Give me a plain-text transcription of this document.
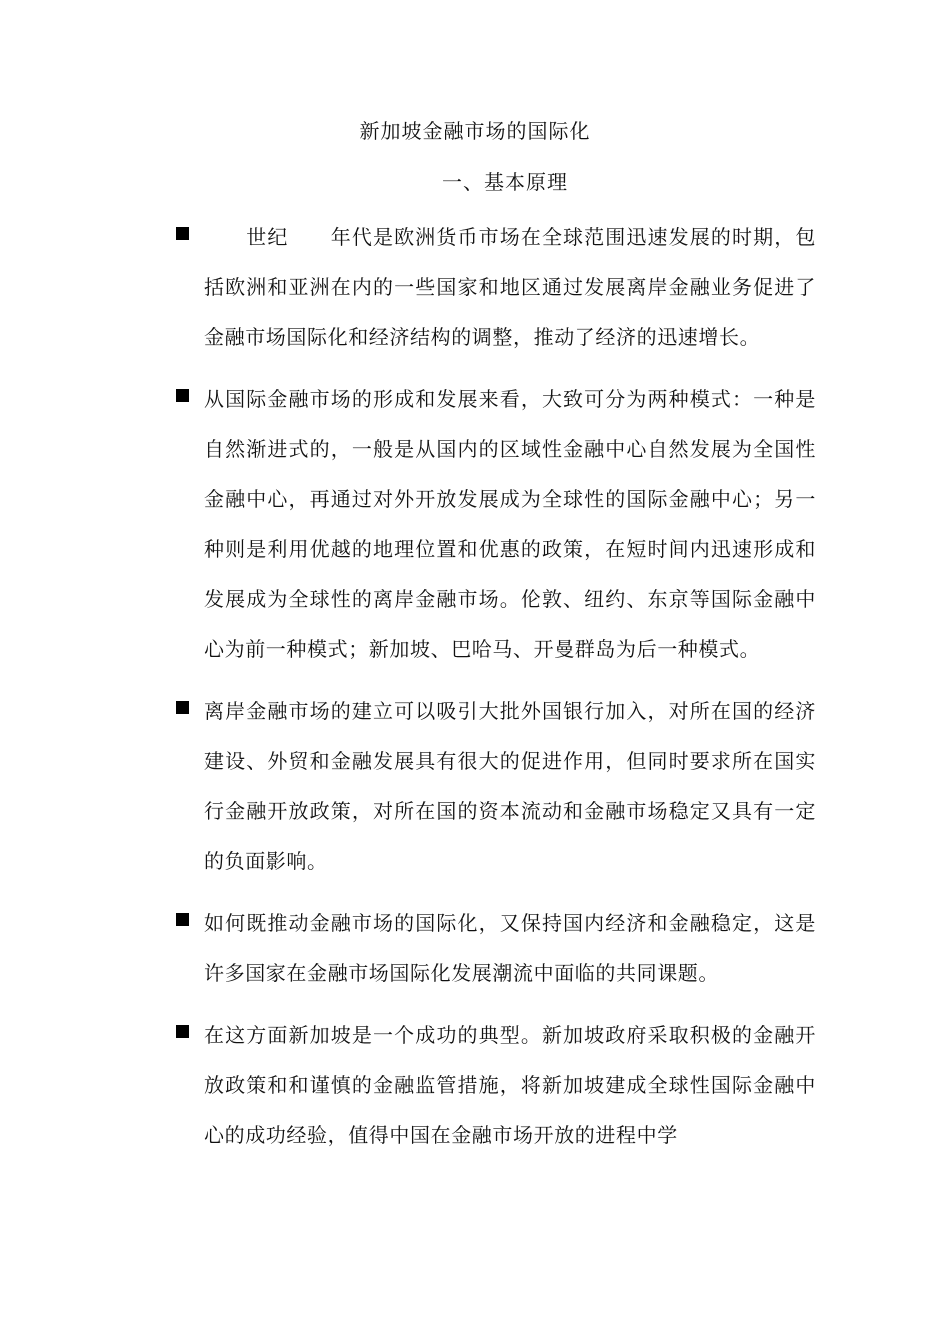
新加坡金融市场的国际化
一、基本原理
　　世纪　　年代是欧洲货币市场在全球范围迅速发展的时期，包括欧洲和亚洲在内的一些国家和地区通过发展离岸金融业务促进了金融市场国际化和经济结构的调整，推动了经济的迅速增长。
从国际金融市场的形成和发展来看，大致可分为两种模式：一种是自然渐进式的，一般是从国内的区域性金融中心自然发展为全国性金融中心，再通过对外开放发展成为全球性的国际金融中心；另一种则是利用优越的地理位置和优惠的政策，在短时间内迅速形成和发展成为全球性的离岸金融市场。伦敦、纽约、东京等国际金融中心为前一种模式；新加坡、巴哈马、开曼群岛为后一种模式。
离岸金融市场的建立可以吸引大批外国银行加入，对所在国的经济建设、外贸和金融发展具有很大的促进作用，但同时要求所在国实行金融开放政策，对所在国的资本流动和金融市场稳定又具有一定的负面影响。
如何既推动金融市场的国际化，又保持国内经济和金融稳定，这是许多国家在金融市场国际化发展潮流中面临的共同课题。
在这方面新加坡是一个成功的典型。新加坡政府采取积极的金融开放政策和和谨慎的金融监管措施，将新加坡建成全球性国际金融中心的成功经验，值得中国在金融市场开放的进程中学
